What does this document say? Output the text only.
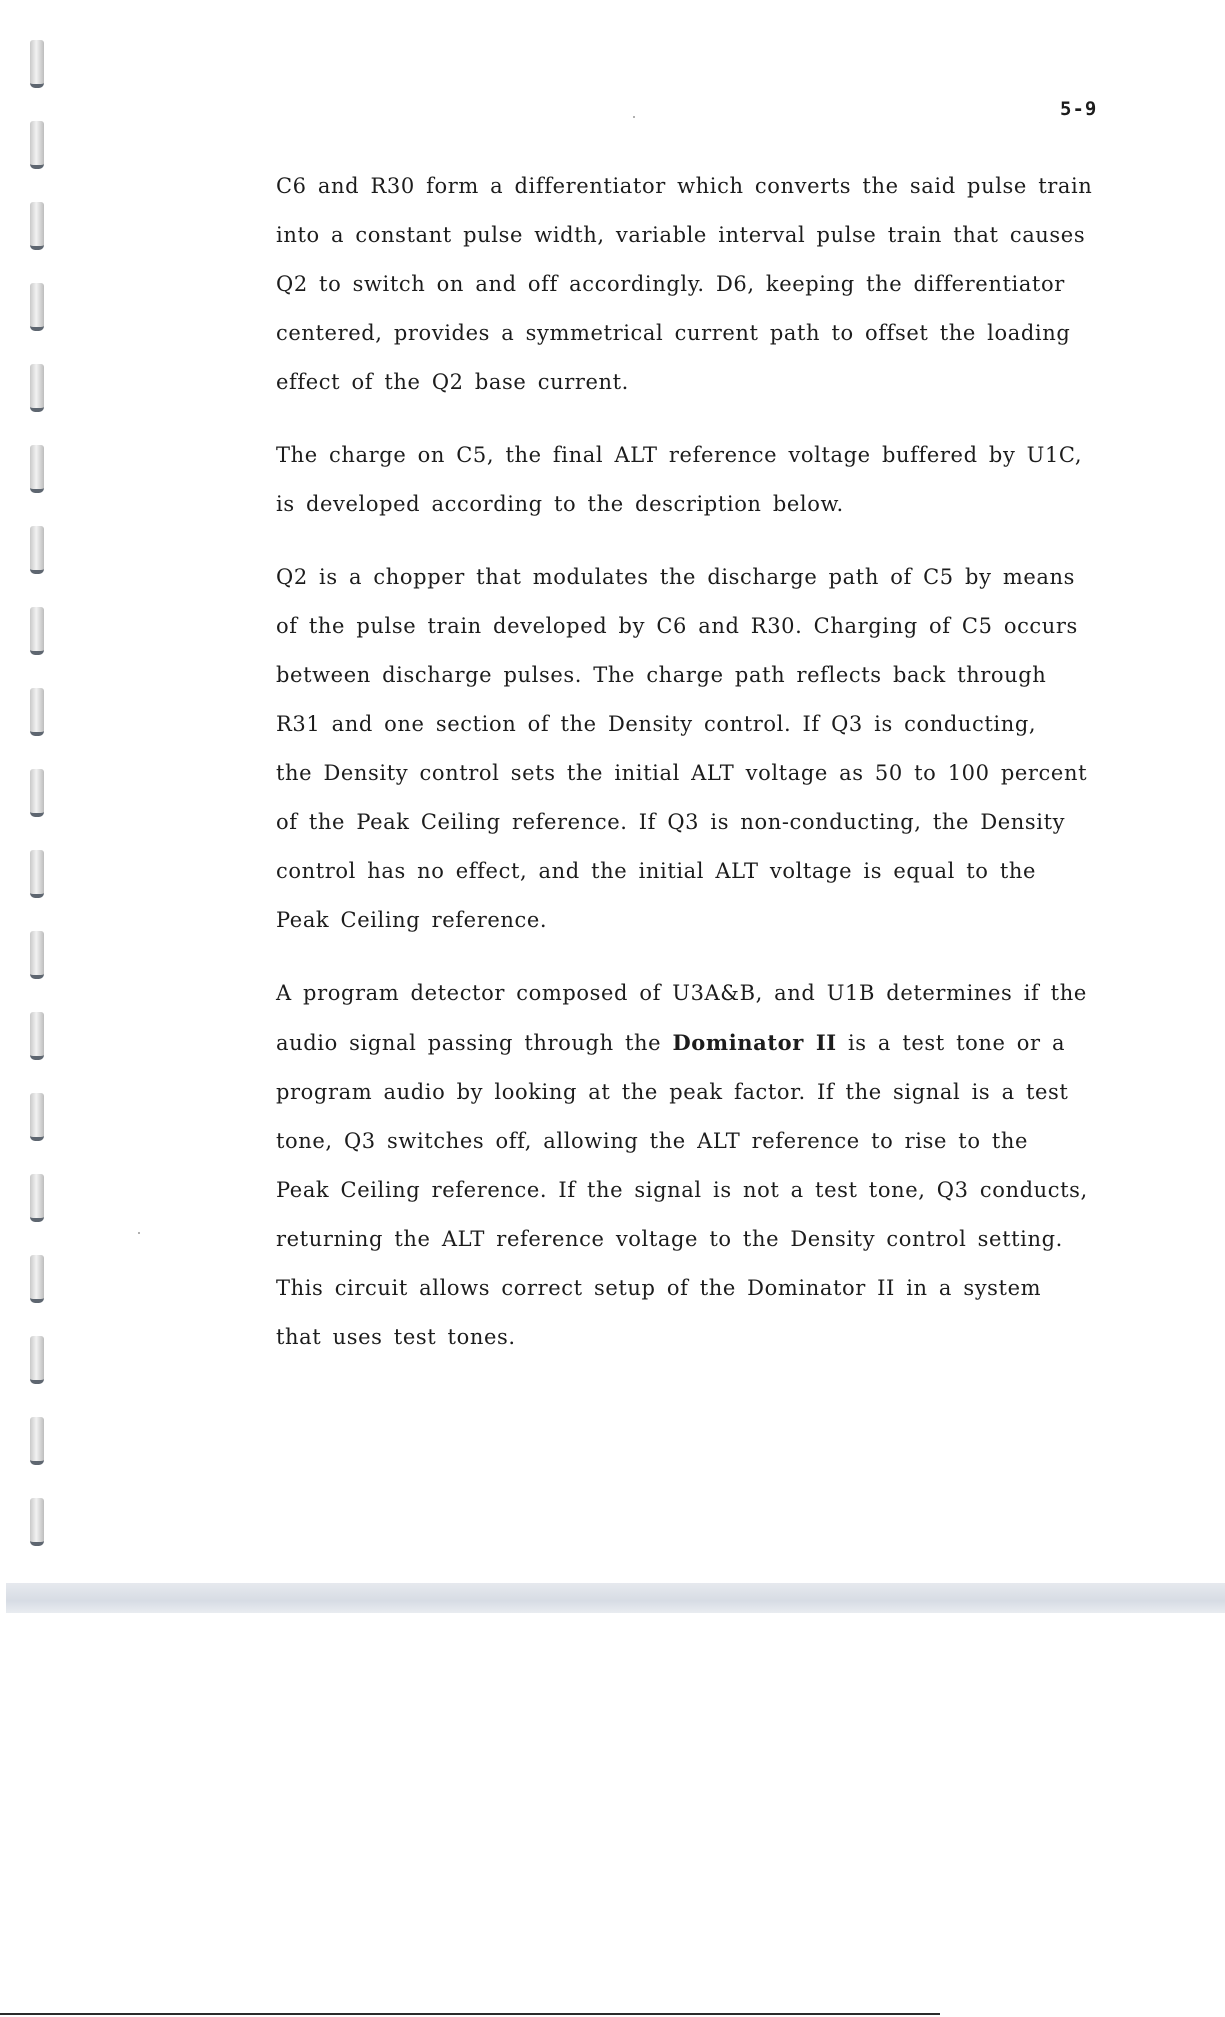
5-9
C6 and R30 form a differentiator which converts the said pulse train
into a constant pulse width, variable interval pulse train that causes
Q2 to switch on and off accordingly. D6, keeping the differentiator
centered, provides a symmetrical current path to offset the loading
effect of the Q2 base current.
The charge on C5, the final ALT reference voltage buffered by U1C,
is developed according to the description below.
Q2 is a chopper that modulates the discharge path of C5 by means
of the pulse train developed by C6 and R30. Charging of C5 occurs
between discharge pulses. The charge path reflects back through
R31 and one section of the Density control. If Q3 is conducting,
the Density control sets the initial ALT voltage as 50 to 100 percent
of the Peak Ceiling reference. If Q3 is non-conducting, the Density
control has no effect, and the initial ALT voltage is equal to the
Peak Ceiling reference.
A program detector composed of U3A&B, and U1B determines if the
audio signal passing through the Dominator II is a test tone or a
program audio by looking at the peak factor. If the signal is a test
tone, Q3 switches off, allowing the ALT reference to rise to the
Peak Ceiling reference. If the signal is not a test tone, Q3 conducts,
returning the ALT reference voltage to the Density control setting.
This circuit allows correct setup of the Dominator II in a system
that uses test tones.
